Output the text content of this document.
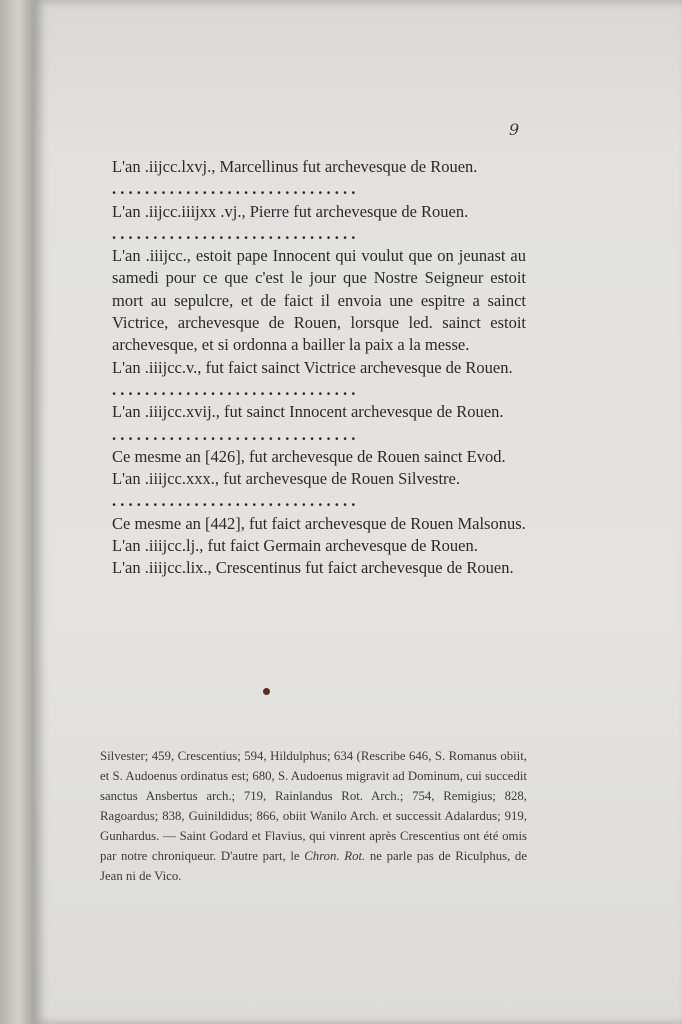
9

L'an .iijcc.lxvj., Marcellinus fut archevesque de Rouen.

. . . . . . . . . . . . . . . . . . . . . . . . . . . . . .

L'an .iijcc.iiijxx .vj., Pierre fut archevesque de Rouen.

. . . . . . . . . . . . . . . . . . . . . . . . . . . . . .

L'an .iiijcc., estoit pape Innocent qui voulut que on jeunast au samedi pour ce que c'est le jour que Nostre Seigneur estoit mort au sepulcre, et de faict il envoia une espitre a sainct Victrice, archevesque de Rouen, lorsque led. sainct estoit archevesque, et si ordonna a bailler la paix a la messe.

L'an .iiijcc.v., fut faict sainct Victrice archevesque de Rouen.

. . . . . . . . . . . . . . . . . . . . . . . . . . . . . .

L'an .iiijcc.xvij., fut sainct Innocent archevesque de Rouen.

. . . . . . . . . . . . . . . . . . . . . . . . . . . . . .

Ce mesme an [426], fut archevesque de Rouen sainct Evod.

L'an .iiijcc.xxx., fut archevesque de Rouen Silvestre.

. . . . . . . . . . . . . . . . . . . . . . . . . . . . . .

Ce mesme an [442], fut faict archevesque de Rouen Malsonus.

L'an .iiijcc.lj., fut faict Germain archevesque de Rouen.

L'an .iiijcc.lix., Crescentinus fut faict archevesque de Rouen.

Silvester; 459, Crescentius; 594, Hildulphus; 634 (Rescribe 646, S. Romanus obiit, et S. Audoenus ordinatus est; 680, S. Audoenus migravit ad Dominum, cui succedit sanctus Ansbertus arch.; 719, Rainlandus Rot. Arch.; 754, Remigius; 828, Ragoardus; 838, Guinildidus; 866, obiit Wanilo Arch. et successit Adalardus; 919, Gunhardus. — Saint Godard et Flavius, qui vinrent après Crescentius ont été omis par notre chroniqueur. D'autre part, le Chron. Rot. ne parle pas de Riculphus, de Jean ni de Vico.
